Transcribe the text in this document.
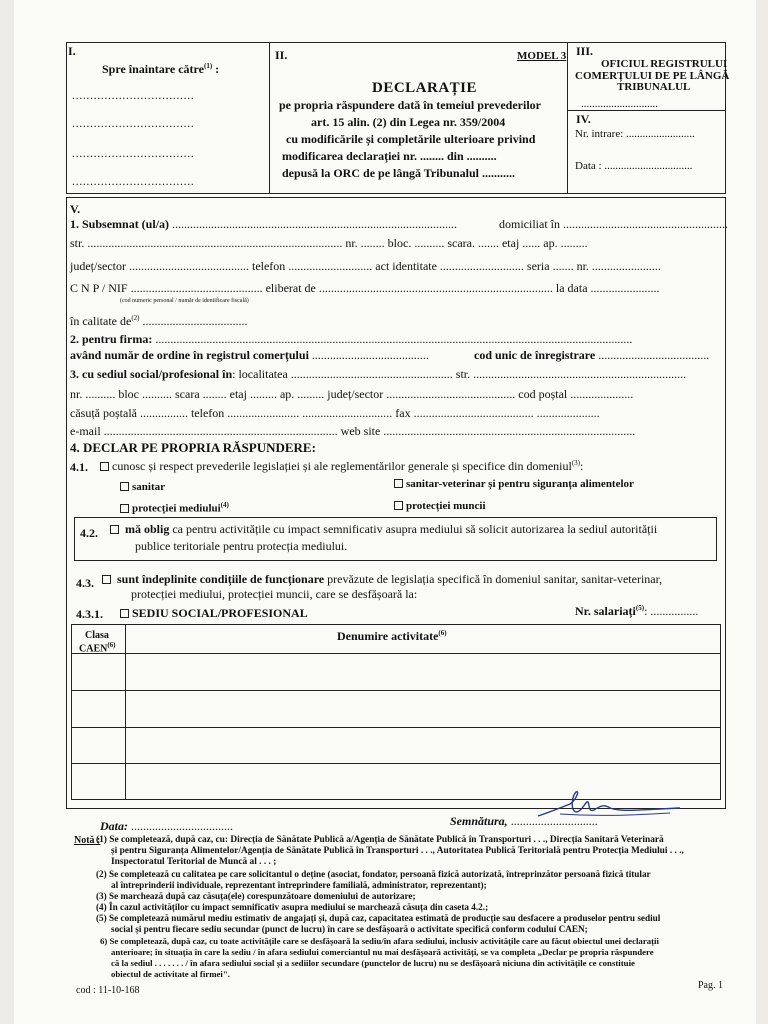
I.
Spre înaintare către$^{(1)}$ :
..................................
..................................
..................................
..................................
II.	MODEL 3
DECLARAȚIE
pe propria răspundere dată în temeiul prevederilor
art. 15 alin. (2) din Legea nr. 359/2004
cu modificările și completările ulterioare privind
modificarea declarației nr. ........ din ..........
depusă la ORC de pe lângă Tribunalul ...........
III.
OFICIUL REGISTRULUI
COMERȚULUI DE PE LÂNGĂ
TRIBUNALUL
............................
IV.
Nr. intrare: .........................
Data : ................................
V.
1. Subsemnat (ul/a) ...............................................................................................	domiciliat în .......................................................
str. ..................................................................................... nr. ........ bloc. .......... scara. ....... etaj ...... ap. .........
județ/sector ........................................ telefon ............................ act identitate ............................ seria ....... nr. .......................
C N P / NIF ............................................ eliberat de .............................................................................. la data .......................
(cod numeric personal / număr de identificare fiscală)
în calitate $de^{(2)}$ ...................................
2. pentru firma: ...............................................................................................................................................................
având număr de ordine în registrul comerțului .......................................	cod unic de înregistrare .....................................
3. cu sediul social/profesional în: localitatea ...................................................... str. .......................................................................
nr. .......... bloc .......... scara ........ etaj ......... ap. ......... județ/sector ........................................... cod poștal .....................
căsuță poștală ................ telefon ........................ .............................. fax ........................................ .....................
e-mail .............................................................................. web site ....................................................................................
4. DECLAR PE PROPRIA RĂSPUNDERE:
4.1.	cunosc și respect prevederile legislației și ale reglementărilor generale și specifice din domeniul$^{(3)}$:
sanitar	sanitar-veterinar și pentru siguranța alimentelor
protecției mediului$^{(4)}$	protecției muncii
4.2.	mă oblig ca pentru activitățile cu impact semnificativ asupra mediului să solicit autorizarea la sediul autorității
publice teritoriale pentru protecția mediului.
4.3.	sunt îndeplinite condițiile de funcționare prevăzute de legislația specifică în domeniul sanitar, sanitar-veterinar,
protecției mediului, protecției muncii, care se desfășoară la:
4.3.1.	SEDIU SOCIAL/PROFESIONAL	Nr. salariați$^{(5)}$: ................
Clasa
CAEN$^{(6)}$
Denumire activitate$^{(6)}$
Data: ..................................	Semnătura, .............................
Notă :
(1) Se completează, după caz, cu: Direcția de Sănătate Publică a/Agenția de Sănătate Publică în Transporturi . . ., Direcția Sanitară Veterinară
și pentru Siguranța Alimentelor/Agenția de Sănătate Publică în Transporturi . . ., Autoritatea Publică Teritorială pentru Protecția Mediului . . .,
Inspectoratul Teritorial de Muncă al . . . ;
(2) Se completează cu calitatea pe care solicitantul o deține (asociat, fondator, persoană fizică autorizată, întreprinzător persoană fizică titular
al întreprinderii individuale, reprezentant întreprindere familială, administrator, reprezentant);
(3) Se marchează după caz căsuța(ele) corespunzătoare domeniului de autorizare;
(4) În cazul activităților cu impact semnificativ asupra mediului se marchează căsuța din caseta 4.2.;
(5) Se completează numărul mediu estimativ de angajați și, după caz, capacitatea estimată de producție sau desfacere a produselor pentru sediul
social și pentru fiecare sediu secundar (punct de lucru) în care se desfășoară o activitate specifică conform codului CAEN;
6) Se completează, după caz, cu toate activitățile care se desfășoară la sediu/în afara sediului, inclusiv activitățile care au făcut obiectul unei declarații
anterioare; în situația în care la sediu / în afara sediului comerciantul nu mai desfășoară activități, se va completa „Declar pe propria răspundere
că la sediul . . . . . . . / în afara sediului social și a sediilor secundare (punctelor de lucru) nu se desfășoară niciuna din activitățile ce constituie
obiectul de activitate al firmei".
cod : 11-10-168	Pag. 1
